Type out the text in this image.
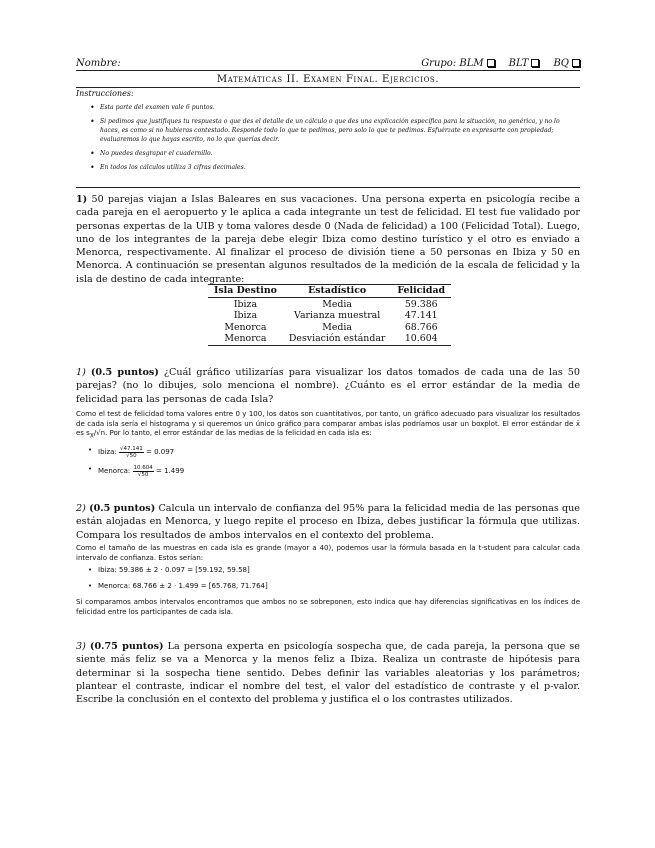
Nombre:	Grupo: BLM	BLT	BQ
Matemáticas II. Examen Final. Ejercicios.
Instrucciones:
• Esta parte del examen vale 6 puntos.
• Si pedimos que justifiques tu respuesta o que des el detalle de un cálculo o que des una explicación específica para la situación, no genérica, y no lo haces, es como si no hubieras contestado. Responde todo lo que te pedimos, pero solo lo que te pedimos. Esfuérzate en expresarte con propiedad; evaluaremos lo que hayas escrito, no lo que querías decir.
• No puedes desgrapar el cuadernillo.
• En todos los cálculos utiliza 3 cifras decimales.
1) 50 parejas viajan a Islas Baleares en sus vacaciones. Una persona experta en psicología recibe a cada pareja en el aeropuerto y le aplica a cada integrante un test de felicidad. El test fue validado por personas expertas de la UIB y toma valores desde 0 (Nada de felicidad) a 100 (Felicidad Total). Luego, uno de los integrantes de la pareja debe elegir Ibiza como destino turístico y el otro es enviado a Menorca, respectivamente. Al finalizar el proceso de división tiene a 50 personas en Ibiza y 50 en Menorca. A continuación se presentan algunos resultados de la medición de la escala de felicidad y la isla de destino de cada integrante:
Isla Destino	Estadístico	Felicidad
Ibiza	Media	59.386
Ibiza	Varianza muestral	47.141
Menorca	Media	68.766
Menorca	Desviación estándar	10.604
1) (0.5 puntos) ¿Cuál gráfico utilizarías para visualizar los datos tomados de cada una de las 50 parejas? (no lo dibujes, solo menciona el nombre). ¿Cuánto es el error estándar de la media de felicidad para las personas de cada Isla?
Como el test de felicidad toma valores entre 0 y 100, los datos son cuantitativos, por tanto, un gráfico adecuado para visualizar los resultados de cada isla sería el histograma y si queremos un único gráfico para comparar ambas islas podríamos usar un boxplot. El error estándar de x̄ es $s_X/√n$. Por lo tanto, el error estándar de las medias de la felicidad en cada isla es:
• Ibiza: $\frac{√47.141}{√50} = 0.097$
• Menorca: $\frac{10.604}{√50} = 1.499$
2) (0.5 puntos) Calcula un intervalo de confianza del 95% para la felicidad media de las personas que están alojadas en Menorca, y luego repite el proceso en Ibiza, debes justificar la fórmula que utilizas. Compara los resultados de ambos intervalos en el contexto del problema.
Como el tamaño de las muestras en cada isla es grande (mayor a 40), podemos usar la fórmula basada en la t-student para calcular cada intervalo de confianza. Estos serían:
• Ibiza: 59.386 ± 2 · 0.097 = [59.192, 59.58]
• Menorca: 68.766 ± 2 · 1.499 = [65.768, 71.764]
Si comparamos ambos intervalos encontramos que ambos no se sobreponen, esto indica que hay diferencias significativas en los índices de felicidad entre los participantes de cada isla.
3) (0.75 puntos) La persona experta en psicología sospecha que, de cada pareja, la persona que se siente más feliz se va a Menorca y la menos feliz a Ibiza. Realiza un contraste de hipótesis para determinar si la sospecha tiene sentido. Debes definir las variables aleatorias y los parámetros; plantear el contraste, indicar el nombre del test, el valor del estadístico de contraste y el p-valor. Escribe la conclusión en el contexto del problema y justifica el o los contrastes utilizados.
